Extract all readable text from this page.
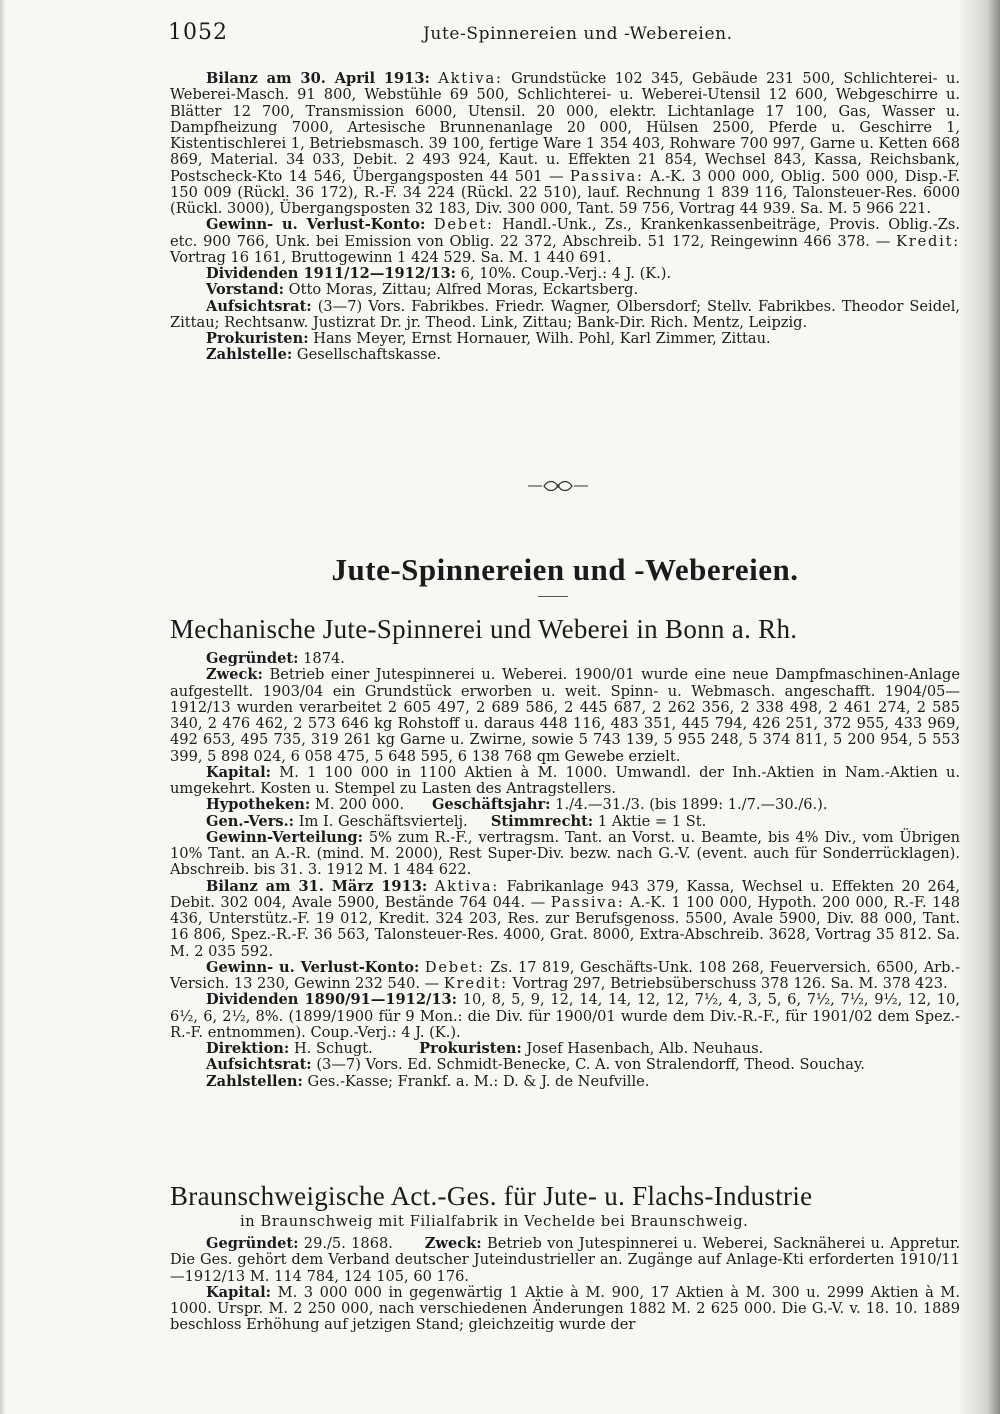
1052	Jute-Spinnereien und -Webereien.

Bilanz am 30. April 1913: Aktiva: Grundstücke 102 345, Gebäude 231 500, Schlichterei- u. Weberei-Masch. 91 800, Webstühle 69 500, Schlichterei- u. Weberei-Utensil 12 600, Webgeschirre u. Blätter 12 700, Transmission 6000, Utensil. 20 000, elektr. Lichtanlage 17 100, Gas, Wasser u. Dampfheizung 7000, Artesische Brunnenanlage 20 000, Hülsen 2500, Pferde u. Geschirre 1, Kistentischlerei 1, Betriebsmasch. 39 100, fertige Ware 1 354 403, Rohware 700 997, Garne u. Ketten 668 869, Material. 34 033, Debit. 2 493 924, Kaut. u. Effekten 21 854, Wechsel 843, Kassa, Reichsbank, Postscheck-Kto 14 546, Übergangsposten 44 501 — Passiva: A.-K. 3 000 000, Oblig. 500 000, Disp.-F. 150 009 (Rückl. 36 172), R.-F. 34 224 (Rückl. 22 510), lauf. Rechnung 1 839 116, Talonsteuer-Res. 6000 (Rückl. 3000), Übergangsposten 32 183, Div. 300 000, Tant. 59 756, Vortrag 44 939. Sa. M. 5 966 221.

Gewinn- u. Verlust-Konto: Debet: Handl.-Unk., Zs., Krankenkassenbeiträge, Provis. Oblig.-Zs. etc. 900 766, Unk. bei Emission von Oblig. 22 372, Abschreib. 51 172, Reingewinn 466 378. — Kredit: Vortrag 16 161, Bruttogewinn 1 424 529. Sa. M. 1 440 691.

Dividenden 1911/12—1912/13: 6, 10%. Coup.-Verj.: 4 J. (K.).

Vorstand: Otto Moras, Zittau; Alfred Moras, Eckartsberg.

Aufsichtsrat: (3—7) Vors. Fabrikbes. Friedr. Wagner, Olbersdorf; Stellv. Fabrikbes. Theodor Seidel, Zittau; Rechtsanw. Justizrat Dr. jr. Theod. Link, Zittau; Bank-Dir. Rich. Mentz, Leipzig.

Prokuristen: Hans Meyer, Ernst Hornauer, Wilh. Pohl, Karl Zimmer, Zittau.

Zahlstelle: Gesellschaftskasse.

Jute-Spinnereien und -Webereien.
Mechanische Jute-Spinnerei und Weberei in Bonn a. Rh.

Gegründet: 1874.

Zweck: Betrieb einer Jutespinnerei u. Weberei. 1900/01 wurde eine neue Dampfmaschinen-Anlage aufgestellt. 1903/04 ein Grundstück erworben u. weit. Spinn- u. Webmasch. angeschafft. 1904/05—1912/13 wurden verarbeitet 2 605 497, 2 689 586, 2 445 687, 2 262 356, 2 338 498, 2 461 274, 2 585 340, 2 476 462, 2 573 646 kg Rohstoff u. daraus 448 116, 483 351, 445 794, 426 251, 372 955, 433 969, 492 653, 495 735, 319 261 kg Garne u. Zwirne, sowie 5 743 139, 5 955 248, 5 374 811, 5 200 954, 5 553 399, 5 898 024, 6 058 475, 5 648 595, 6 138 768 qm Gewebe erzielt.

Kapital: M. 1 100 000 in 1100 Aktien à M. 1000. Umwandl. der Inh.-Aktien in Nam.-Aktien u. umgekehrt. Kosten u. Stempel zu Lasten des Antragstellers.

Hypotheken: M. 200 000. Geschäftsjahr: 1./4.—31./3. (bis 1899: 1./7.—30./6.).

Gen.-Vers.: Im I. Geschäftsviertelj. Stimmrecht: 1 Aktie = 1 St.

Gewinn-Verteilung: 5% zum R.-F., vertragsm. Tant. an Vorst. u. Beamte, bis 4% Div., vom Übrigen 10% Tant. an A.-R. (mind. M. 2000), Rest Super-Div. bezw. nach G.-V. (event. auch für Sonderrücklagen). Abschreib. bis 31. 3. 1912 M. 1 484 622.

Bilanz am 31. März 1913: Aktiva: Fabrikanlage 943 379, Kassa, Wechsel u. Effekten 20 264, Debit. 302 004, Avale 5900, Bestände 764 044. — Passiva: A.-K. 1 100 000, Hypoth. 200 000, R.-F. 148 436, Unterstütz.-F. 19 012, Kredit. 324 203, Res. zur Berufsgenoss. 5500, Avale 5900, Div. 88 000, Tant. 16 806, Spez.-R.-F. 36 563, Talonsteuer-Res. 4000, Grat. 8000, Extra-Abschreib. 3628, Vortrag 35 812. Sa. M. 2 035 592.

Gewinn- u. Verlust-Konto: Debet: Zs. 17 819, Geschäfts-Unk. 108 268, Feuerversich. 6500, Arb.-Versich. 13 230, Gewinn 232 540. — Kredit: Vortrag 297, Betriebsüberschuss 378 126. Sa. M. 378 423.

Dividenden 1890/91—1912/13: 10, 8, 5, 9, 12, 14, 14, 12, 12, 7½, 4, 3, 5, 6, 7½, 7½, 9½, 12, 10, 6½, 6, 2½, 8%. (1899/1900 für 9 Mon.: die Div. für 1900/01 wurde dem Div.-R.-F., für 1901/02 dem Spez.-R.-F. entnommen). Coup.-Verj.: 4 J. (K.).

Direktion: H. Schugt.	Prokuristen: Josef Hasenbach, Alb. Neuhaus.

Aufsichtsrat: (3—7) Vors. Ed. Schmidt-Benecke, C. A. von Stralendorff, Theod. Souchay.

Zahlstellen: Ges.-Kasse; Frankf. a. M.: D. & J. de Neufville.

Braunschweigische Act.-Ges. für Jute- u. Flachs-Industrie
in Braunschweig mit Filialfabrik in Vechelde bei Braunschweig.

Gegründet: 29./5. 1868. Zweck: Betrieb von Jutespinnerei u. Weberei, Sacknäherei u. Appretur. Die Ges. gehört dem Verband deutscher Juteindustrieller an. Zugänge auf Anlage-Kti erforderten 1910/11—1912/13 M. 114 784, 124 105, 60 176.

Kapital: M. 3 000 000 in gegenwärtig 1 Aktie à M. 900, 17 Aktien à M. 300 u. 2999 Aktien à M. 1000. Urspr. M. 2 250 000, nach verschiedenen Änderungen 1882 M. 2 625 000. Die G.-V. v. 18. 10. 1889 beschloss Erhöhung auf jetzigen Stand; gleichzeitig wurde der
